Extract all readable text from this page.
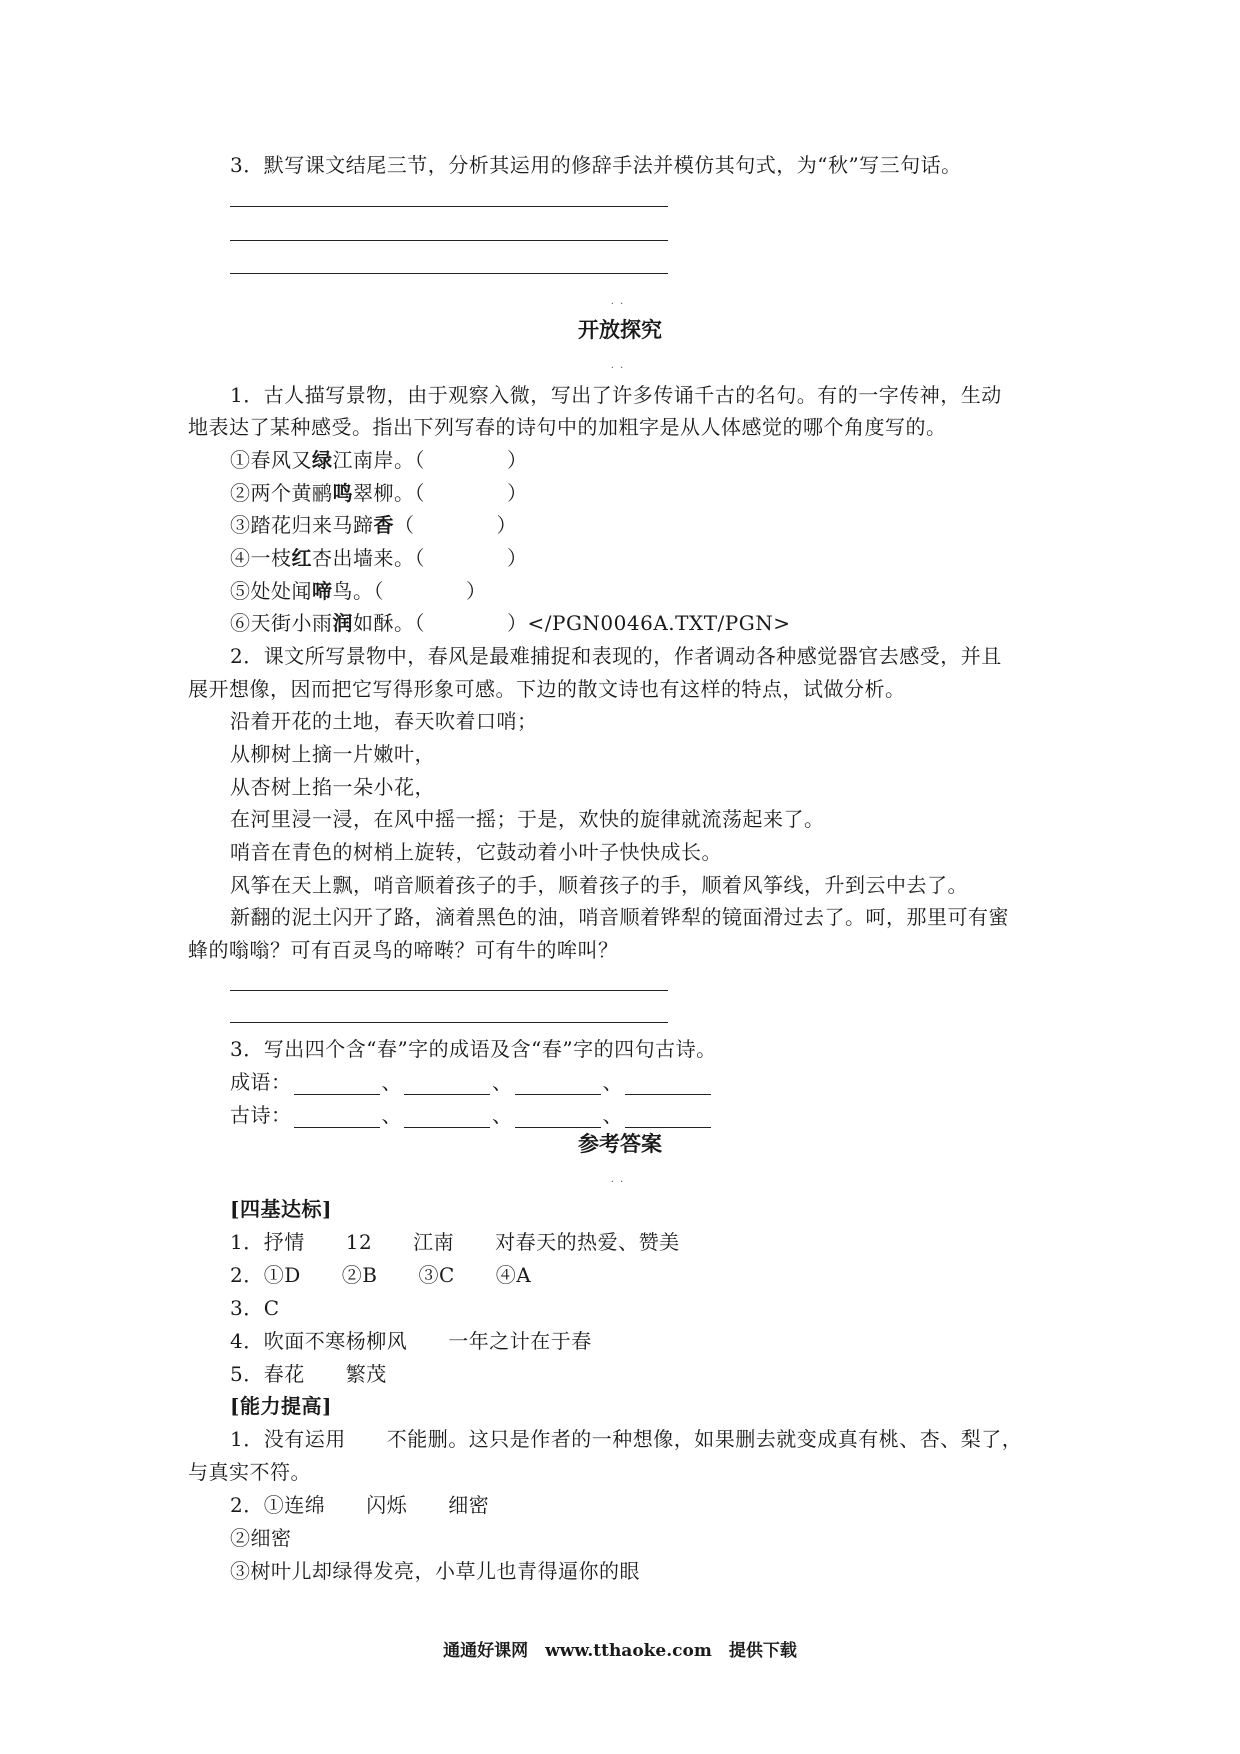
3．默写课文结尾三节，分析其运用的修辞手法并模仿其句式，为“秋”写三句话。
··
开放探究
··
1．古人描写景物，由于观察入微，写出了许多传诵千古的名句。有的一字传神，生动
地表达了某种感受。指出下列写春的诗句中的加粗字是从人体感觉的哪个角度写的。
①春风又绿江南岸。（　　　　）
②两个黄鹂鸣翠柳。（　　　　）
③踏花归来马蹄香（　　　　）
④一枝红杏出墙来。（　　　　）
⑤处处闻啼鸟。（　　　　）
⑥天街小雨润如酥。（　　　　）</PGN0046A.TXT/PGN>
2．课文所写景物中，春风是最难捕捉和表现的，作者调动各种感觉器官去感受，并且
展开想像，因而把它写得形象可感。下边的散文诗也有这样的特点，试做分析。
沿着开花的土地，春天吹着口哨；
从柳树上摘一片嫩叶，
从杏树上掐一朵小花，
在河里浸一浸，在风中摇一摇；于是，欢快的旋律就流荡起来了。
哨音在青色的树梢上旋转，它鼓动着小叶子快快成长。
风筝在天上飘，哨音顺着孩子的手，顺着孩子的手，顺着风筝线，升到云中去了。
新翻的泥土闪开了路，滴着黑色的油，哨音顺着铧犁的镜面滑过去了。呵，那里可有蜜
蜂的嗡嗡？可有百灵鸟的啼啭？可有牛的哞叫？
3．写出四个含“春”字的成语及含“春”字的四句古诗。
成语：	、	、	、
古诗：	、	、	、
参考答案
··
[四基达标]
1．抒情　　12　　江南　　对春天的热爱、赞美
2．①D　　②B　　③C　　④A
3．C
4．吹面不寒杨柳风　　一年之计在于春
5．春花　　繁茂
[能力提高]
1．没有运用　　不能删。这只是作者的一种想像，如果删去就变成真有桃、杏、梨了，
与真实不符。
2．①连绵　　闪烁　　细密
②细密
③树叶儿却绿得发亮，小草儿也青得逼你的眼
通通好课网　www.tthaoke.com　提供下载
